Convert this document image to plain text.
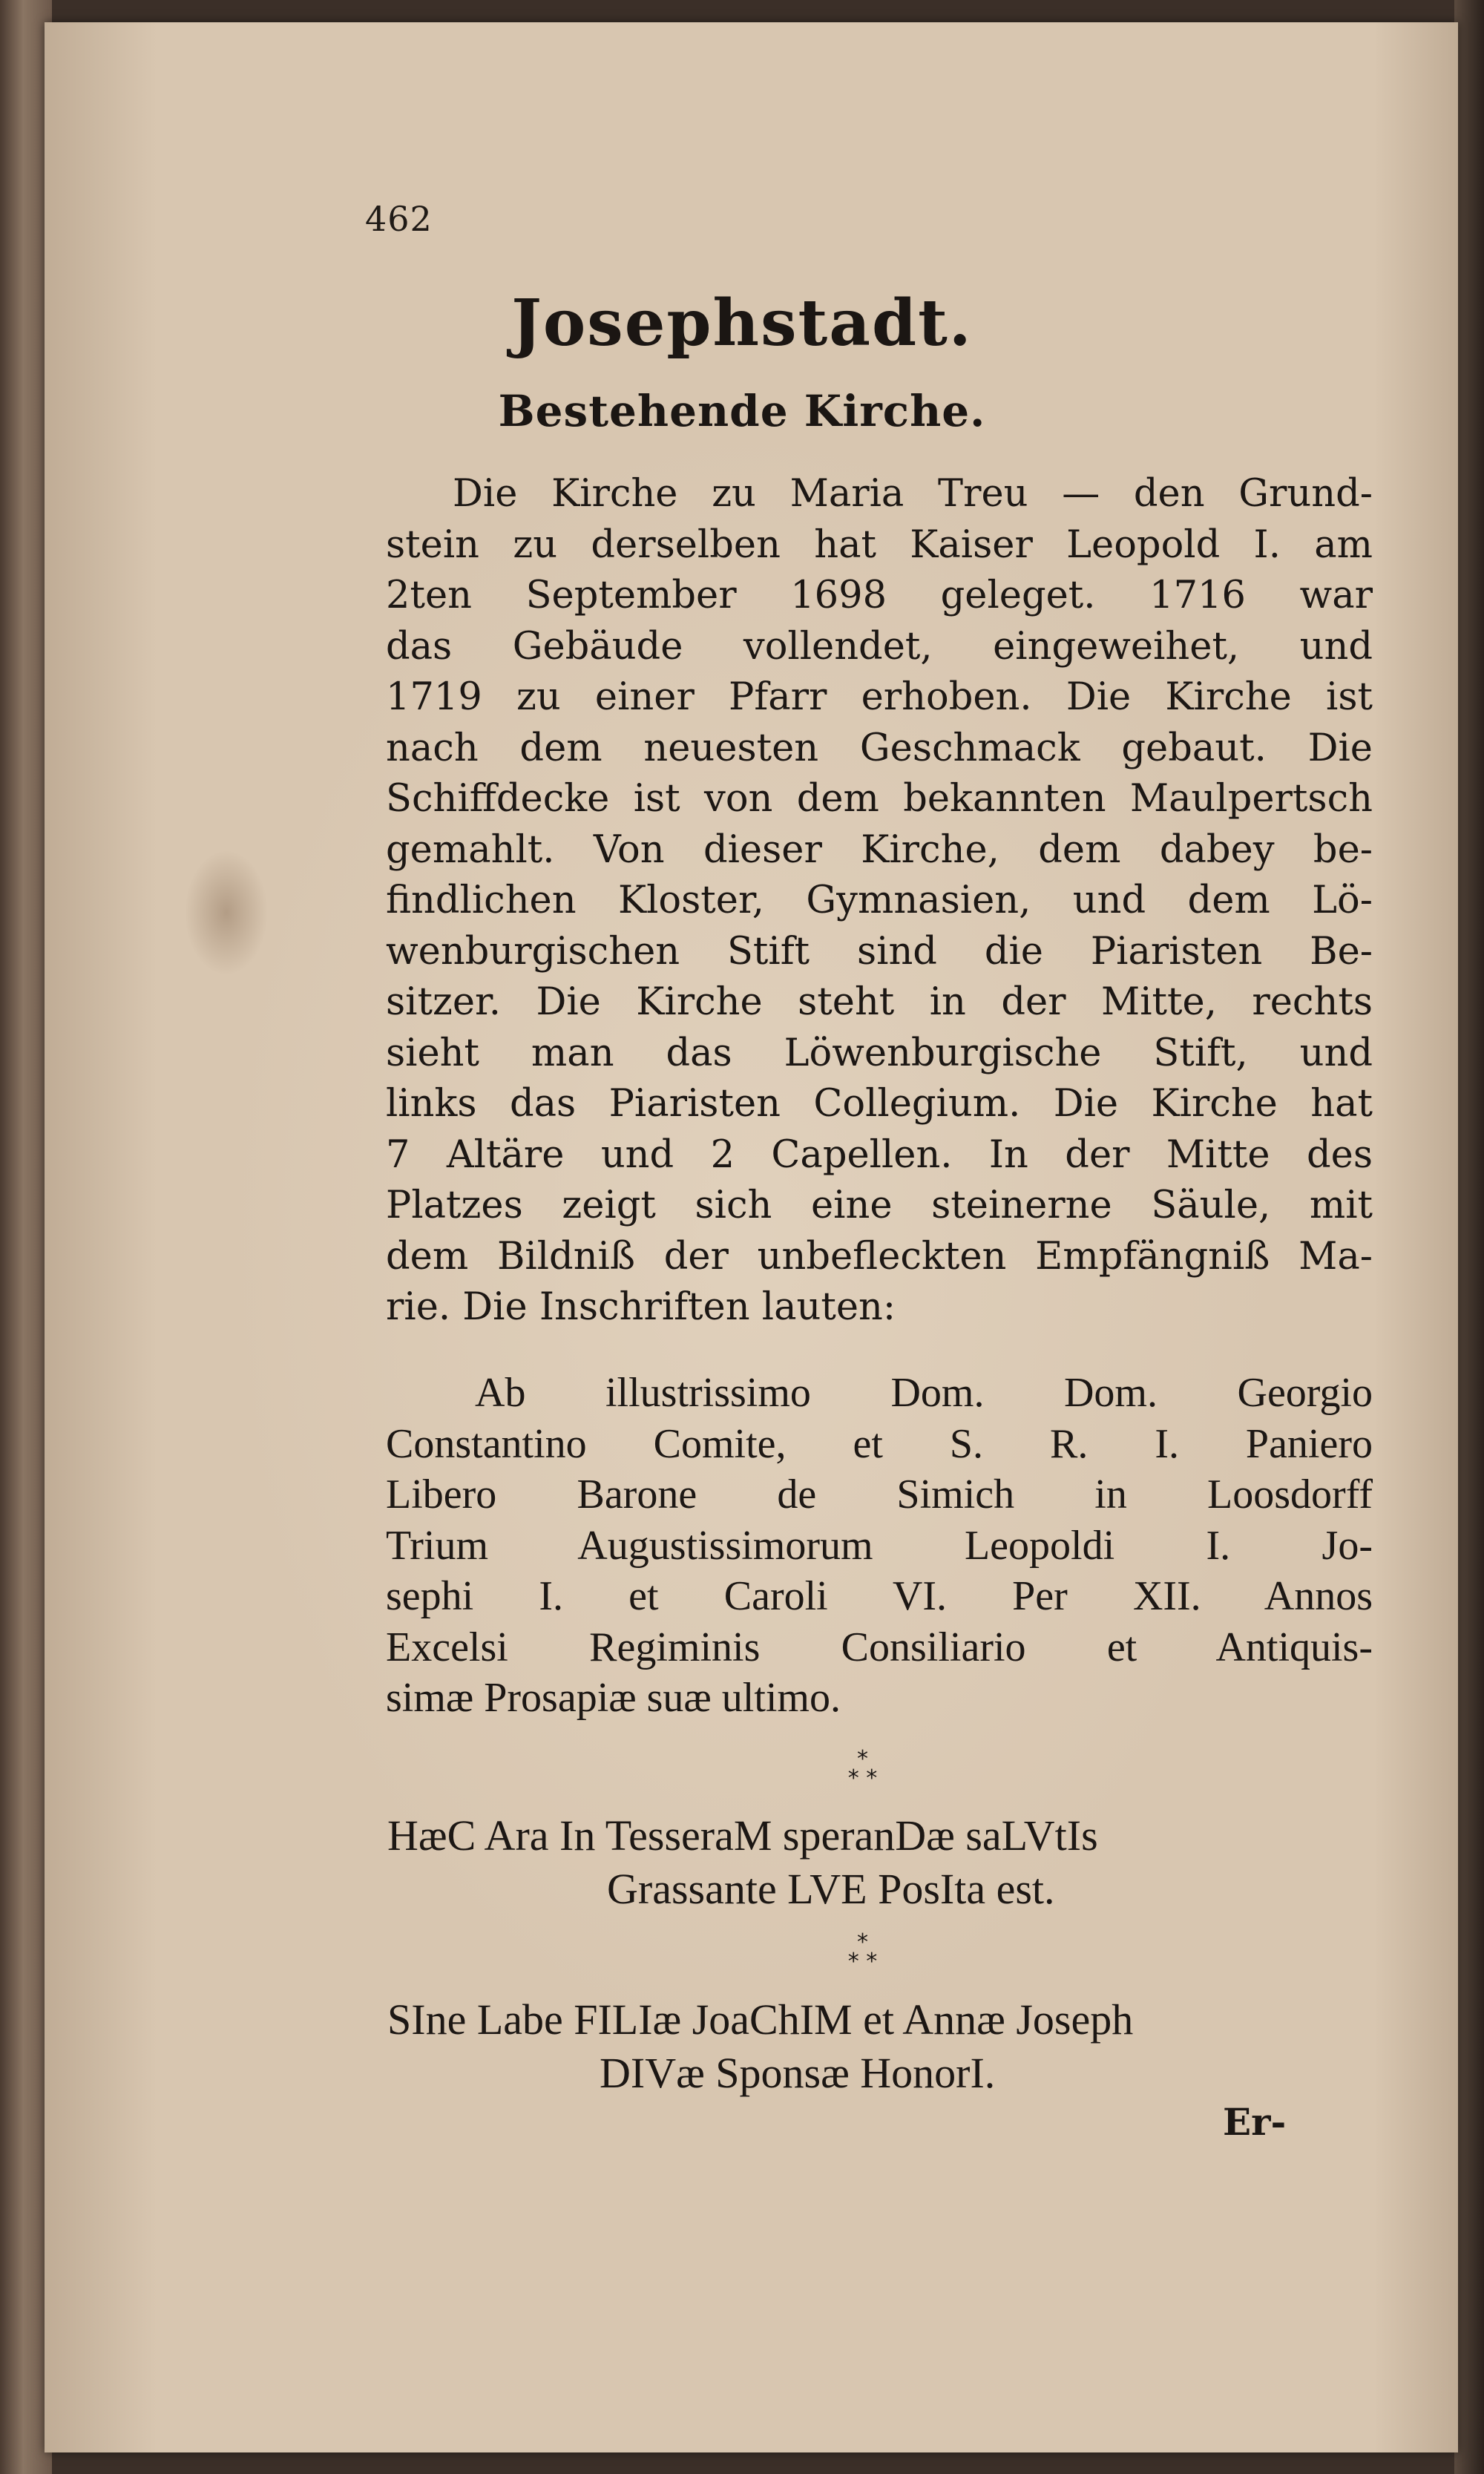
462
Josephstadt.
Bestehende Kirche.
Die Kirche zu Maria Treu — den Grund-
stein zu derselben hat Kaiser Leopold I. am
2ten September 1698 geleget. 1716 war
das Gebäude vollendet, eingeweihet, und
1719 zu einer Pfarr erhoben. Die Kirche ist
nach dem neuesten Geschmack gebaut. Die
Schiffdecke ist von dem bekannten Maulpertsch
gemahlt. Von dieser Kirche, dem dabey be-
findlichen Kloster, Gymnasien, und dem Lö-
wenburgischen Stift sind die Piaristen Be-
sitzer. Die Kirche steht in der Mitte, rechts
sieht man das Löwenburgische Stift, und
links das Piaristen Collegium. Die Kirche hat
7 Altäre und 2 Capellen. In der Mitte des
Platzes zeigt sich eine steinerne Säule, mit
dem Bildniß der unbefleckten Empfängniß Ma-
rie. Die Inschriften lauten:
Ab illustrissimo Dom. Dom. Georgio
Constantino Comite, et S. R. I. Paniero
Libero Barone de Simich in Loosdorff
Trium Augustissimorum Leopoldi I. Jo-
sephi I. et Caroli VI. Per XII. Annos
Excelsi Regiminis Consiliario et Antiquis-
simæ Prosapiæ suæ ultimo.
*
* *
HæC Ara In TesseraM speranDæ saLVtIs
Grassante LVE PosIta est.
*
* *
SIne Labe FILIæ JoaChIM et Annæ Joseph
DIVæ Sponsæ HonorI.
Er-
